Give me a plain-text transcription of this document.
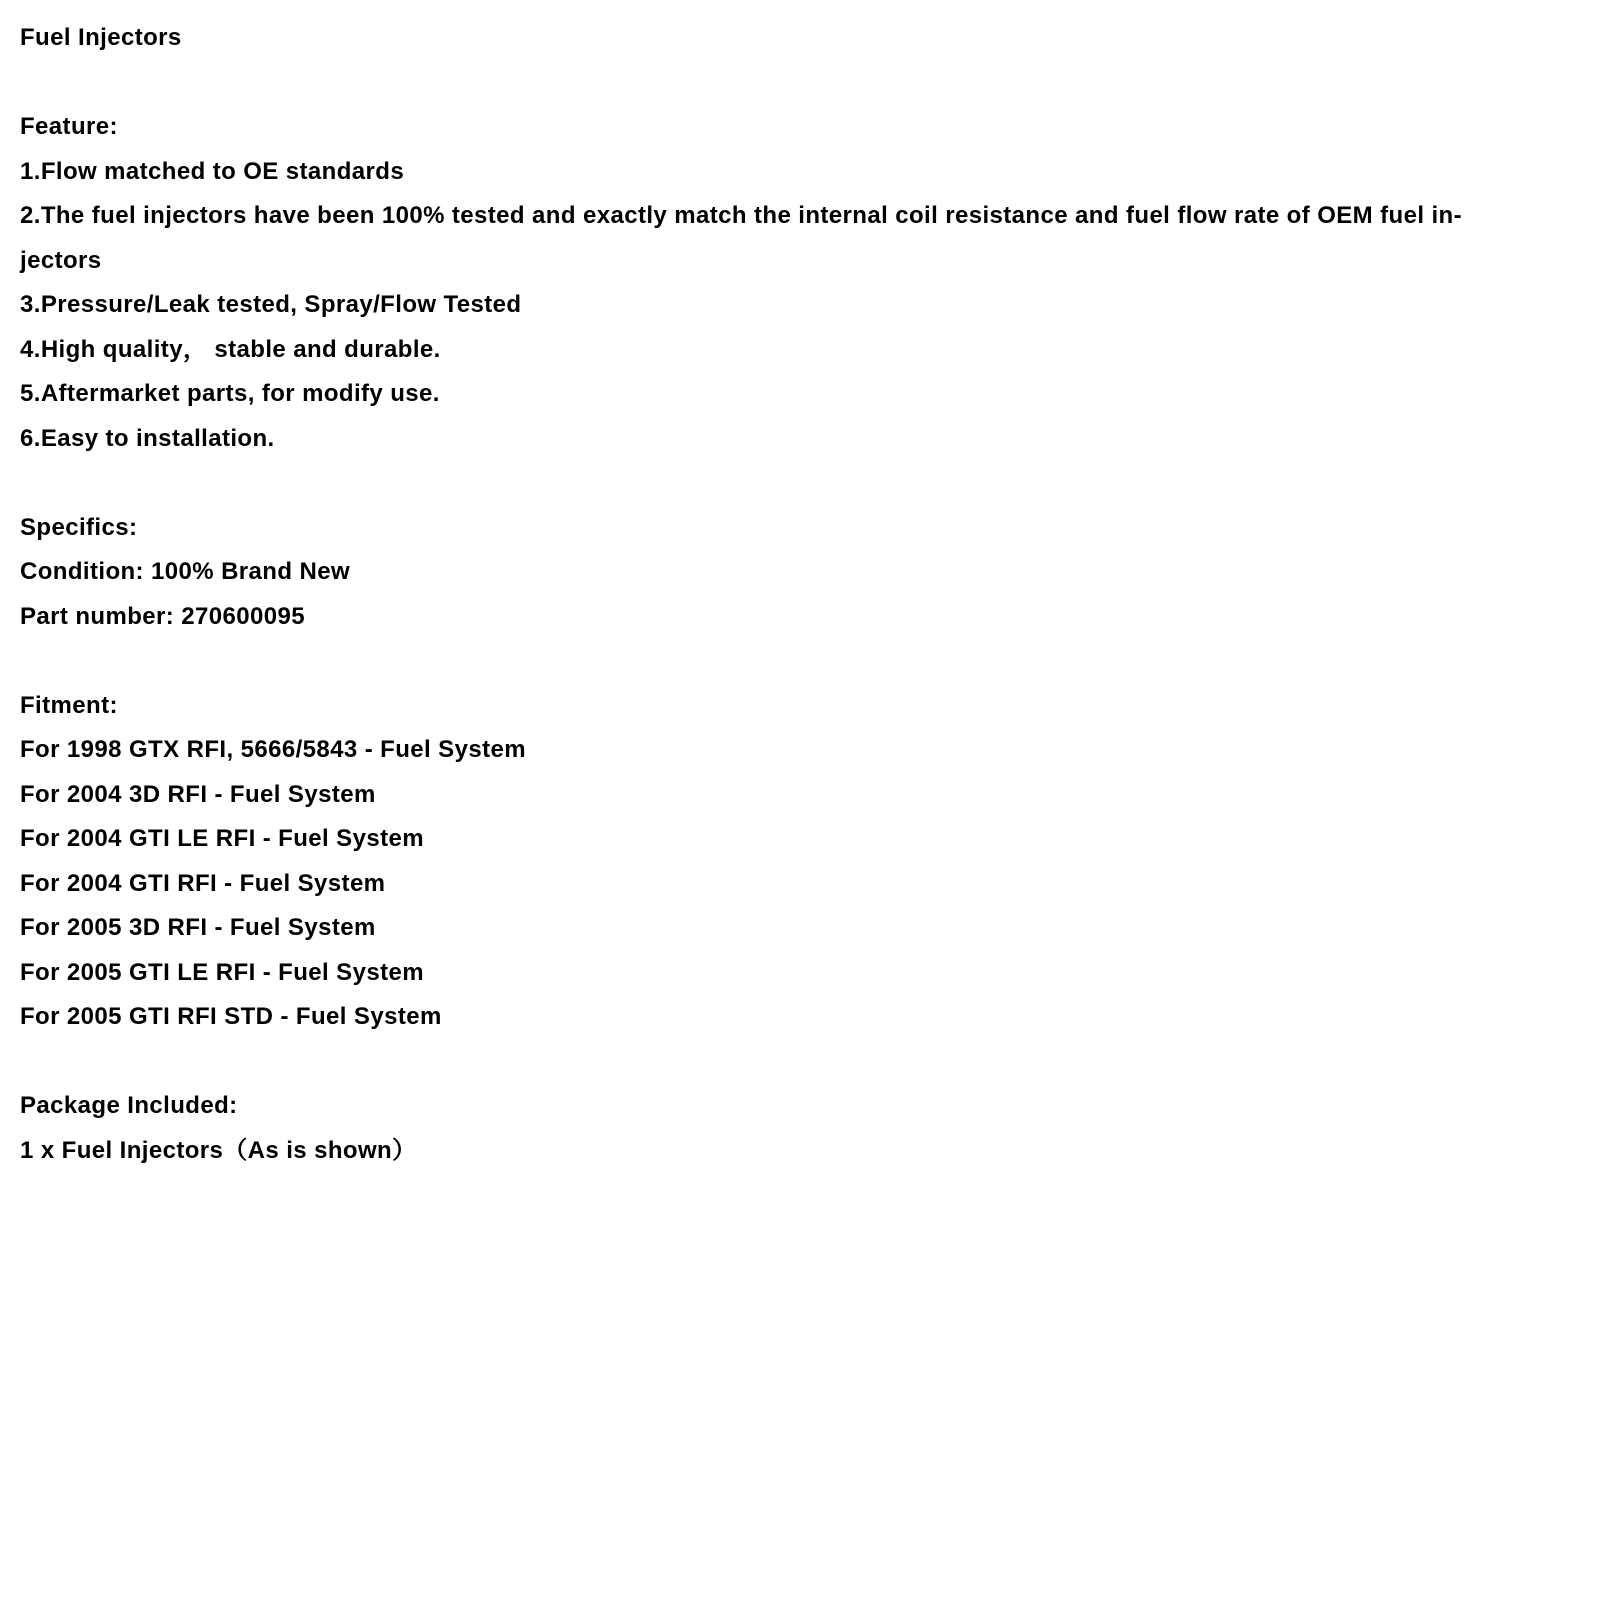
Fuel Injectors
Feature:
1.Flow matched to OE standards
2.The fuel injectors have been 100% tested and exactly match the internal coil resistance and fuel flow rate of OEM fuel in-
jectors
3.Pressure/Leak tested, Spray/Flow Tested
4.High quality， stable and durable.
5.Aftermarket parts, for modify use.
6.Easy to installation.
Specifics:
Condition: 100% Brand New
Part number: 270600095
Fitment:
For 1998 GTX RFI, 5666/5843 - Fuel System
For 2004 3D RFI - Fuel System
For 2004 GTI LE RFI - Fuel System
For 2004 GTI RFI - Fuel System
For 2005 3D RFI - Fuel System
For 2005 GTI LE RFI - Fuel System
For 2005 GTI RFI STD - Fuel System
Package Included:
1 x Fuel Injectors（As is shown）
